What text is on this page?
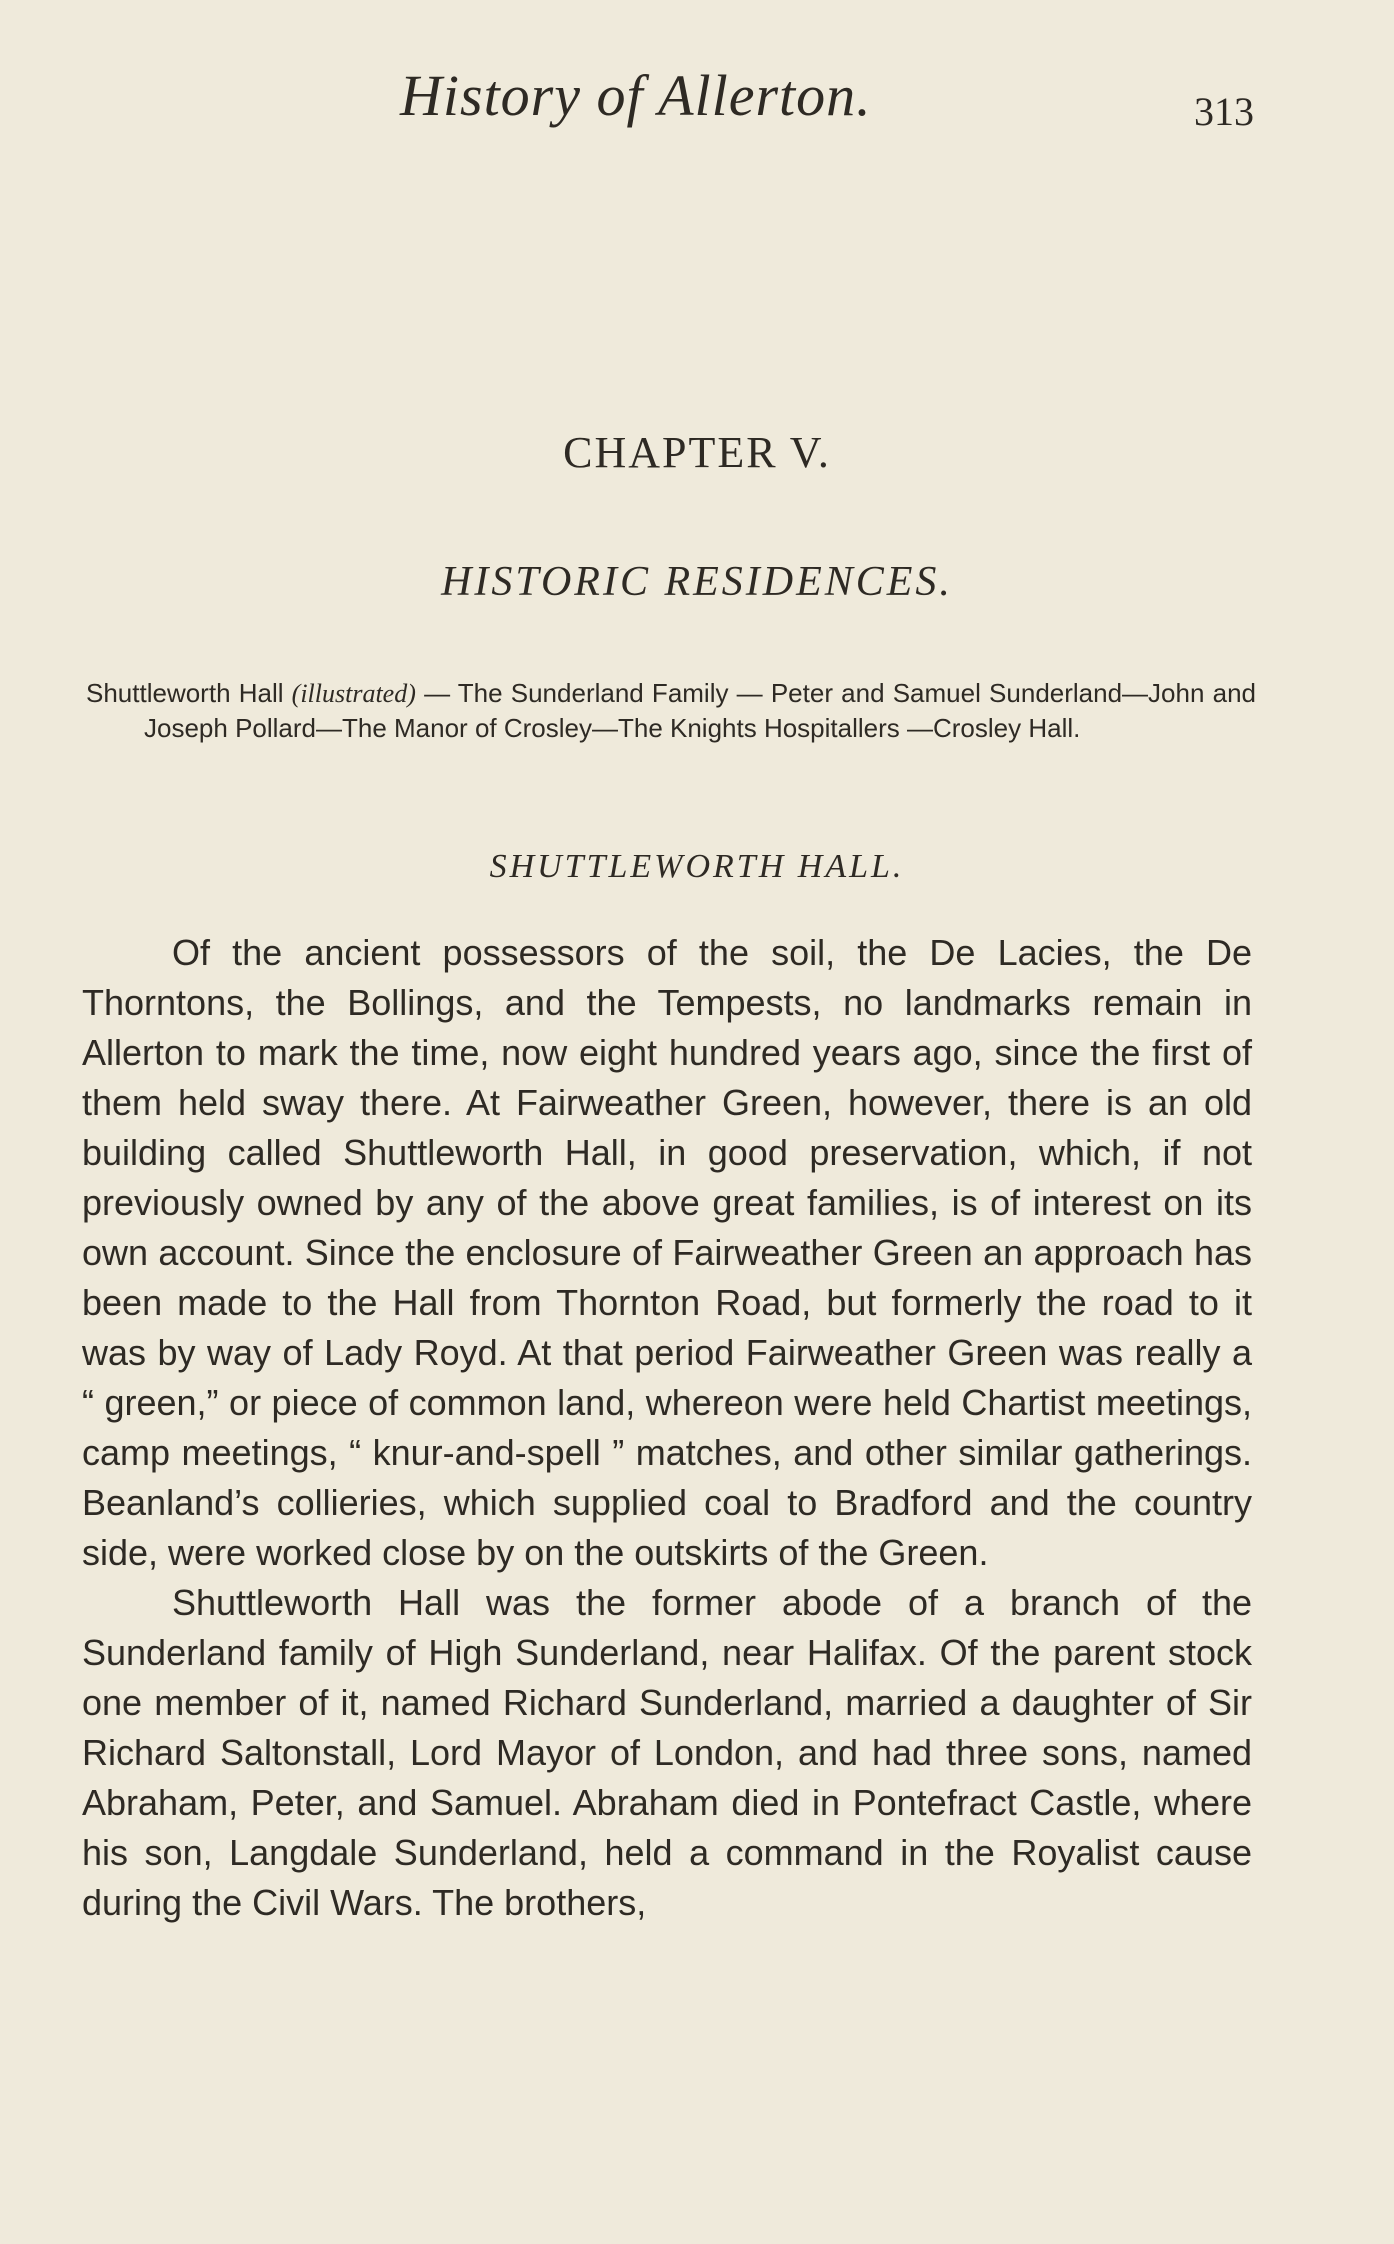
History of Allerton.	313
CHAPTER V.
HISTORIC RESIDENCES.
Shuttleworth Hall (illustrated) — The Sunderland Family — Peter and Samuel Sunderland—John and Joseph Pollard—The Manor of Crosley—The Knights Hospitallers —Crosley Hall.
SHUTTLEWORTH HALL.

Of the ancient possessors of the soil, the De Lacies, the De Thorntons, the Bollings, and the Tempests, no landmarks remain in Allerton to mark the time, now eight hundred years ago, since the first of them held sway there. At Fairweather Green, however, there is an old building called Shuttleworth Hall, in good preservation, which, if not previously owned by any of the above great families, is of interest on its own account. Since the enclosure of Fairweather Green an approach has been made to the Hall from Thornton Road, but formerly the road to it was by way of Lady Royd. At that period Fairweather Green was really a “ green,” or piece of common land, whereon were held Chartist meetings, camp meetings, “ knur-and-spell ” matches, and other similar gatherings. Beanland’s collieries, which supplied coal to Bradford and the country side, were worked close by on the outskirts of the Green.

Shuttleworth Hall was the former abode of a branch of the Sunderland family of High Sunderland, near Halifax. Of the parent stock one member of it, named Richard Sunderland, married a daughter of Sir Richard Saltonstall, Lord Mayor of London, and had three sons, named Abraham, Peter, and Samuel. Abraham died in Pontefract Castle, where his son, Langdale Sunderland, held a command in the Royalist cause during the Civil Wars. The brothers,
